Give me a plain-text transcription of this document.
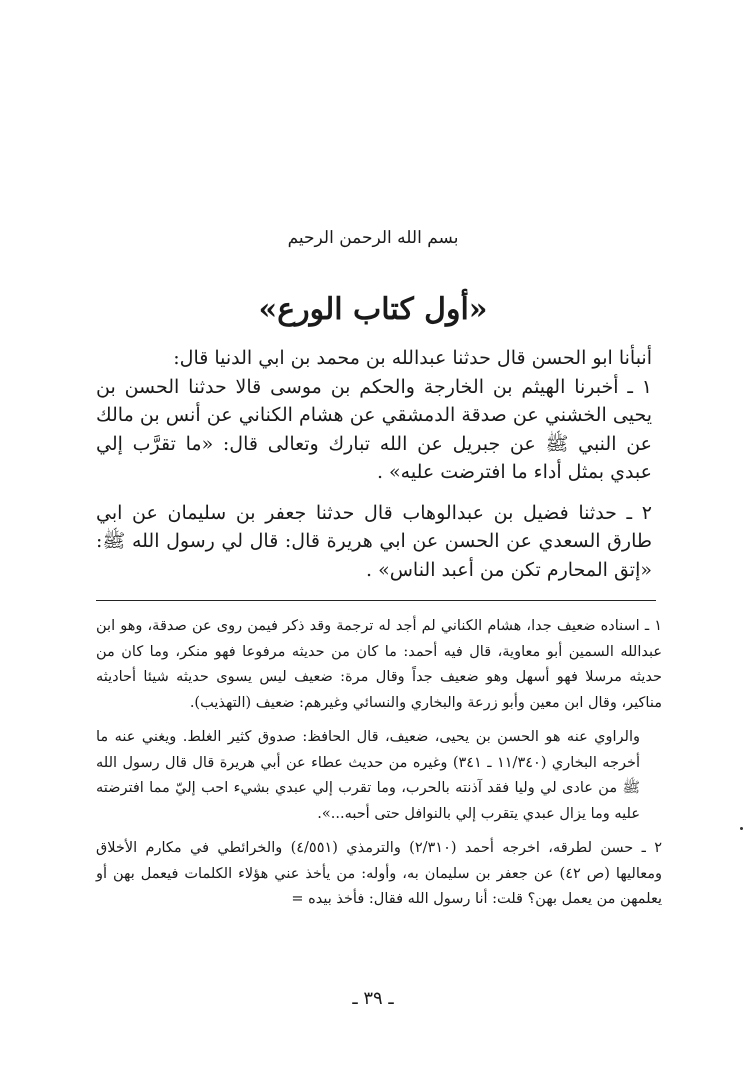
بسم الله الرحمن الرحيم
«أول كتاب الورع»

أنبأنا ابو الحسن قال حدثنا عبدالله بن محمد بن ابي الدنيا قال:

١ ـ أخبرنا الهيثم بن الخارجة والحكم بن موسى قالا حدثنا الحسن بن يحيى الخشني عن صدقة الدمشقي عن هشام الكناني عن أنس بن مالك عن النبي ﷺ عن جبريل عن الله تبارك وتعالى قال: «ما تقرَّب إلي عبدي بمثل أداء ما افترضت عليه» .

٢ ـ حدثنا فضيل بن عبدالوهاب قال حدثنا جعفر بن سليمان عن ابي طارق السعدي عن الحسن عن ابي هريرة قال: قال لي رسول الله ﷺ: «إتق المحارم تكن من أعبد الناس» .

١ ـ اسناده ضعيف جدا، هشام الكناني لم أجد له ترجمة وقد ذكر فيمن روى عن صدقة، وهو ابن عبدالله السمين أبو معاوية، قال فيه أحمد: ما كان من حديثه مرفوعا فهو منكر، وما كان من حديثه مرسلا فهو أسهل وهو ضعيف جداً وقال مرة: ضعيف ليس يسوى حديثه شيئا أحاديثه مناكير، وقال ابن معين وأبو زرعة والبخاري والنسائي وغيرهم: ضعيف (التهذيب).

والراوي عنه هو الحسن بن يحيى، ضعيف، قال الحافظ: صدوق كثير الغلط. ويغني عنه ما أخرجه البخاري (١١/٣٤٠ ـ ٣٤١) وغيره من حديث عطاء عن أبي هريرة قال قال رسول الله ﷺ من عادى لي وليا فقد آذنته بالحرب، وما تقرب إلي عبدي بشيء احب إليّ مما افترضته عليه وما يزال عبدي يتقرب إلي بالنوافل حتى أحبه...».

٢ ـ حسن لطرقه، اخرجه أحمد (٢/٣١٠) والترمذي (٤/٥٥١) والخرائطي في مكارم الأخلاق ومعاليها (ص ٤٢) عن جعفر بن سليمان به، وأوله: من يأخذ عني هؤلاء الكلمات فيعمل بهن أو يعلمهن من يعمل بهن؟ قلت: أنا رسول الله فقال: فأخذ بيده =

ـ ٣٩ ـ
